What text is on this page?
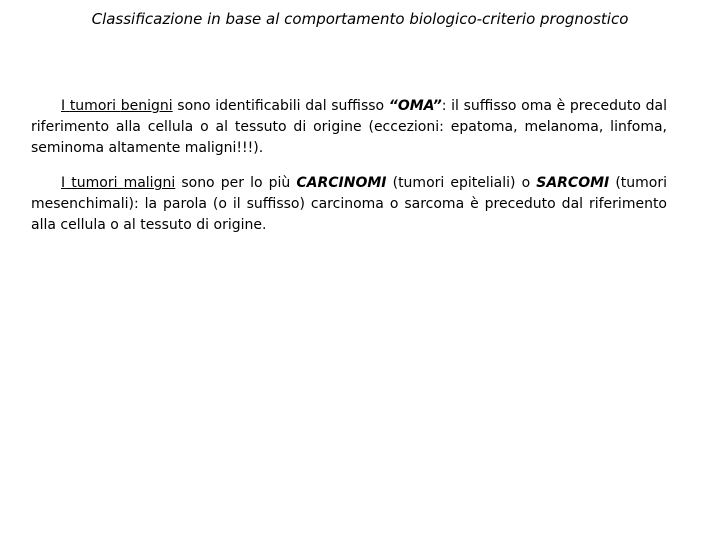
Classificazione in base al comportamento biologico-criterio prognostico

I tumori benigni sono identificabili dal suffisso “OMA”: il suffisso oma è preceduto dal riferimento alla cellula o al tessuto di origine (eccezioni: epatoma, melanoma, linfoma, seminoma altamente maligni!!!).

I tumori maligni sono per lo più CARCINOMI (tumori epiteliali) o SARCOMI (tumori mesenchimali): la parola (o il suffisso) carcinoma o sarcoma è preceduto dal riferimento alla cellula o al tessuto di origine.
